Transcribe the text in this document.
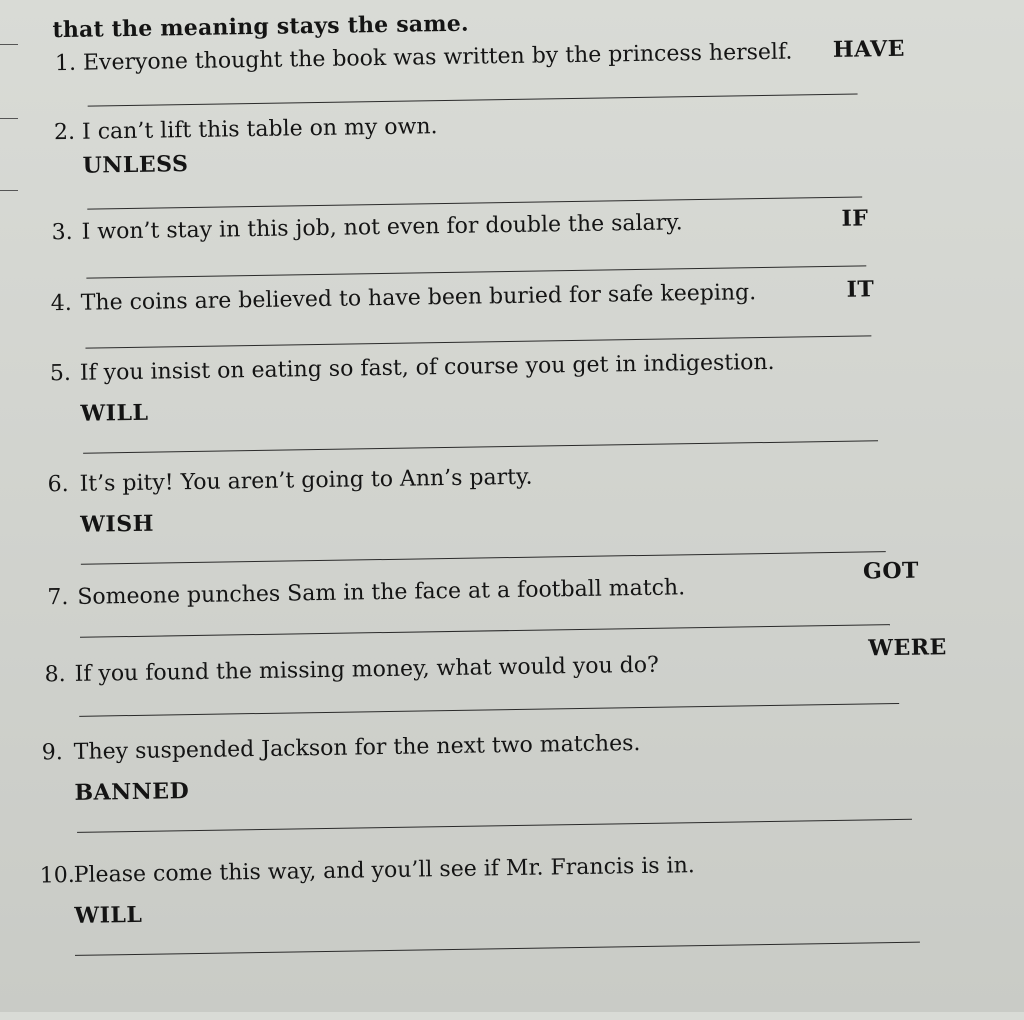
that the meaning stays the same.
1. Everyone thought the book was written by the princess herself. HAVE
2. I can’t lift this table on my own.
UNLESS
3. I won’t stay in this job, not even for double the salary.	IF
4. The coins are believed to have been buried for safe keeping.	IT
5. If you insist on eating so fast, of course you get in indigestion.
WILL
6. It’s pity! You aren’t going to Ann’s party.
WISH
7. Someone punches Sam in the face at a football match.
GOT
8. If you found the missing money, what would you do?
WERE
9. They suspended Jackson for the next two matches.
BANNED
10.
Please come this way, and you’ll see if Mr. Francis is in.
WILL
